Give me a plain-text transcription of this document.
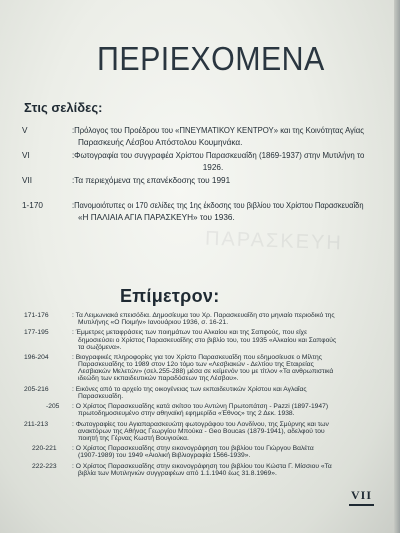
ΠΕΡΙΕΧΟΜΕΝΑ
Στις σελίδες:
V	:Πρόλογος του Προέδρου του «ΠΝΕΥΜΑΤΙΚΟΥ ΚΕΝΤΡΟΥ» και της Κοινότητας Αγίας
Παρασκευής Λέσβου Απόστολου Κουμηνάκα.
VI	:Φωτογραφία του συγγραφέα Χρίστου Παρασκευαΐδη (1869-1937) στην Μυτιλήνη το
1926.
VII	:Τα περιεχόμενα της επανέκδοσης του 1991
1-170	:Πανομοιότυπες οι 170 σελίδες της 1ης έκδοσης του βιβλίου του Χρίστου Παρασκευαΐδη
«Η ΠΑΛΙΑΙΑ ΑΓΙΑ ΠΑΡΑΣΚΕΥΗ» του 1936.
ΠΑΡΑΣΚΕΥΗ
Επίμετρον:
171-176	: Τα Λειμωνιακά επεισόδια. Δημοσίευμα του Χρ. Παρασκευαΐδη στο μηνιαίο περιοδικό της
Μυτιλήνης «Ο Ποιμήν» Ιανουάριου 1936, σ. 16-21.
177-195	: Έμμετρες μεταφράσεις των ποιημάτων του Αλκαίου και της Σαπφούς, που είχε
δημοσιεύσει ο Χρίστος Παρασκευαΐδης στο βιβλίο του, του 1935 «Αλκαίου και Σαπφούς
τα σωζόμενα».
196-204	: Βιογραφικές πληροφορίες για τον Χρίστο Παρασκευαΐδη που εδημοσίευσε ο Μίλτης
Παρασκευαΐδης το 1989 στον 12ο τόμο των «Λεσβιακών - Δελτίου της Εταιρείας
Λεσβιακών Μελετών» (σελ.255-288) μέσα σε κείμενόν του με τίτλον «Τα ανθρωπιστικά
ιδεώδη των εκπαιδευτικών παραδόσεων της Λέσβου».
205-216	: Εικόνες από το αρχείο της οικογένειας των εκπαιδευτικών Χρίστου και Αγλαΐας
Παρασκευαΐδη.
-205 : Ο Χρίστος Παρασκευαΐδης κατά σκίτσο του Αντώνη Πρωτοπάτση - Pazzi (1897-1947)
πρωτοδημοσιευμένο στην αθηναϊκή εφημερίδα «Έθνος» της 2 Δεκ. 1938.
211-213	: Φωτογραφίες του Αγιαπαρασκευώτη φωτογράφου του Λονδίνου, της Σμύρνης και των
ανακτόρων της Αθήνας Γεωργίου Μπούκα - Geo Boucas (1879-1941), αδελφού του
ποιητή της Γέρνας Κωστή Βουγιούκα.
220-221 : Ο Χρίστος Παρασκευαΐδης στην εικονογράφηση του βιβλίου του Γιώργου Βαλέτα
(1907-1989) του 1949 «Αιολική Βιβλιογραφία 1566-1939».
222-223 : Ο Χρίστος Παρασκευαΐδης στην εικονογράφηση του βιβλίου του Κώστα Γ. Μίσσιου «Τα
βιβλία των Μυτιληνιών συγγραφέων από 1.1.1940 έως 31.8.1969».
VII
